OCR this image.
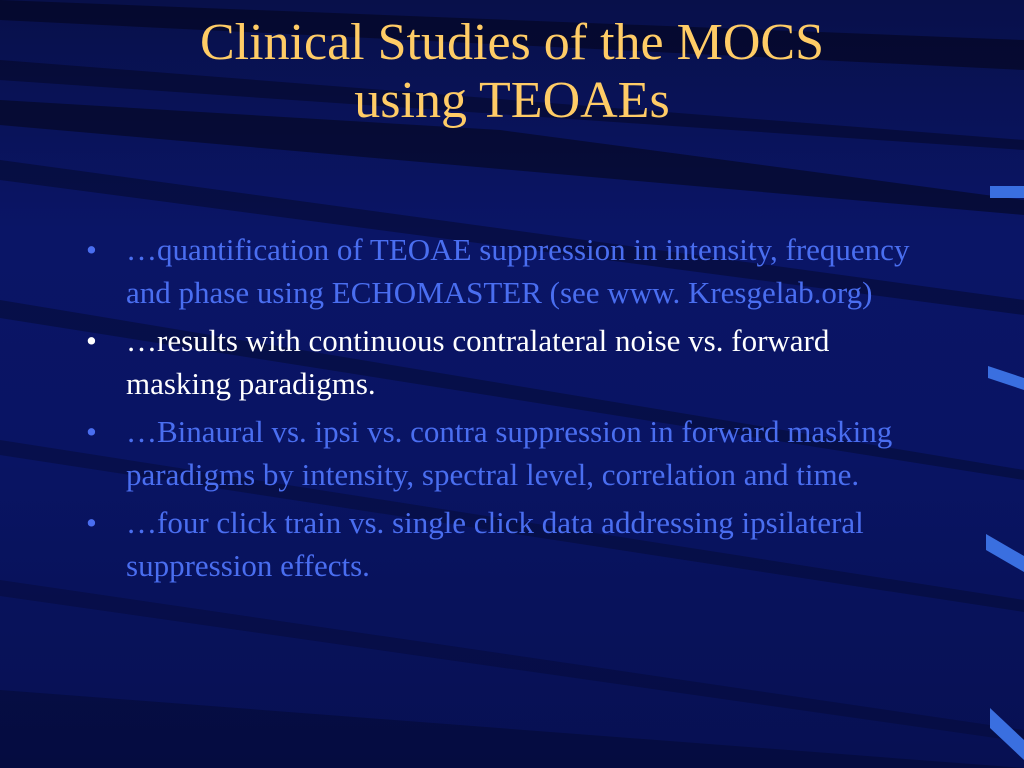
Clinical Studies of the MOCS
using TEOAEs
• …quantification of TEOAE suppression in intensity, frequency and phase using ECHOMASTER (see www. Kresgelab.org)
• …results with continuous contralateral noise vs. forward masking paradigms.
• …Binaural vs. ipsi vs. contra suppression in forward masking paradigms by intensity, spectral level, correlation and time.
• …four click train vs. single click data addressing ipsilateral suppression effects.
